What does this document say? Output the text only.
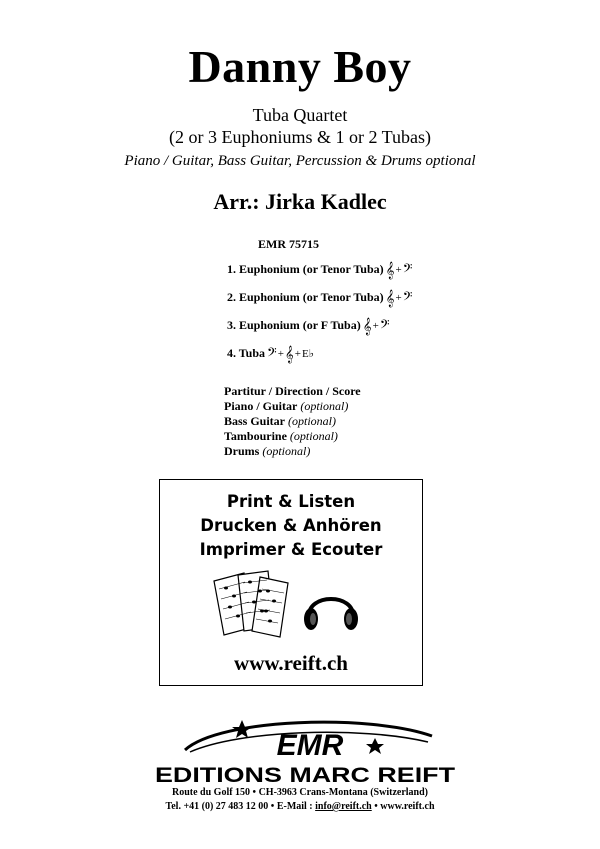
Danny Boy
Tuba Quartet
(2 or 3 Euphoniums & 1 or 2 Tubas)
Piano / Guitar, Bass Guitar, Percussion & Drums optional
Arr.: Jirka Kadlec
EMR 75715
1. Euphonium (or Tenor Tuba) 𝄞 + 𝄢
2. Euphonium (or Tenor Tuba) 𝄞 + 𝄢
3. Euphonium (or F Tuba) 𝄞 + 𝄢
4. Tuba 𝄢 + 𝄞 + E♭
Partitur / Direction / Score
Piano / Guitar (optional)
Bass Guitar (optional)
Tambourine (optional)
Drums (optional)
Print & Listen
Drucken & Anhören
Imprimer & Ecouter
www.reift.ch
EMR
EDITIONS MARC REIFT
Route du Golf 150 • CH-3963 Crans-Montana (Switzerland)
Tel. +41 (0) 27 483 12 00 • E-Mail : info@reift.ch • www.reift.ch
